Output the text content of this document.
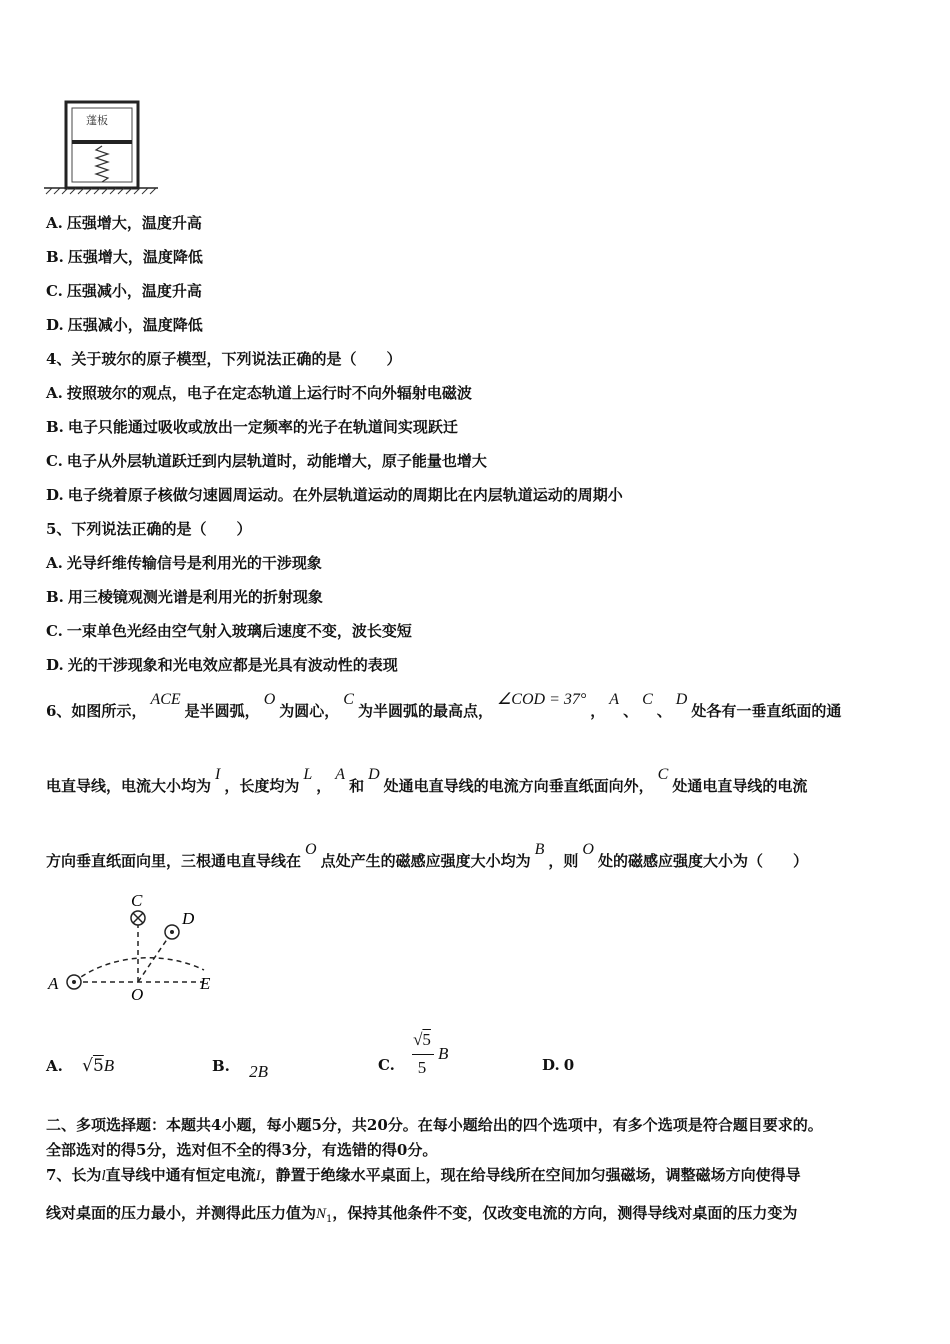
蓬板
A. 压强增大，温度升高
B. 压强增大，温度降低
C. 压强减小，温度升高
D. 压强减小，温度降低
4、关于玻尔的原子模型，下列说法正确的是（　　）
A. 按照玻尔的观点，电子在定态轨道上运行时不向外辐射电磁波
B. 电子只能通过吸收或放出一定频率的光子在轨道间实现跃迁
C. 电子从外层轨道跃迁到内层轨道时，动能增大，原子能量也增大
D. 电子绕着原子核做匀速圆周运动。在外层轨道运动的周期比在内层轨道运动的周期小
5、下列说法正确的是（　　）
A. 光导纤维传输信号是利用光的干涉现象
B. 用三棱镜观测光谱是利用光的折射现象
C. 一束单色光经由空气射入玻璃后速度不变，波长变短
D. 光的干涉现象和光电效应都是光具有波动性的表现
6、如图所示，ACE是半圆弧，O为圆心，C为半圆弧的最高点，∠COD = 37°，A、C、D处各有一垂直纸面的通
电直导线，电流大小均为I，长度均为L，A和D处通电直导线的电流方向垂直纸面向外，C处通电直导线的电流
方向垂直纸面向里，三根通电直导线在O点处产生的磁感应强度大小均为B，则O处的磁感应强度大小为（　　）
A
C
D
O
E
A. √5B	B. 2B	C.
√5
5
B
D. 0
二、多项选择题：本题共4小题，每小题5分，共20分。在每小题给出的四个选项中，有多个选项是符合题目要求的。
全部选对的得5分，选对但不全的得3分，有选错的得0分。
7、长为l直导线中通有恒定电流I，静置于绝缘水平桌面上，现在给导线所在空间加匀强磁场，调整磁场方向使得导
线对桌面的压力最小，并测得此压力值为$N_1$，保持其他条件不变，仅改变电流的方向，测得导线对桌面的压力变为
